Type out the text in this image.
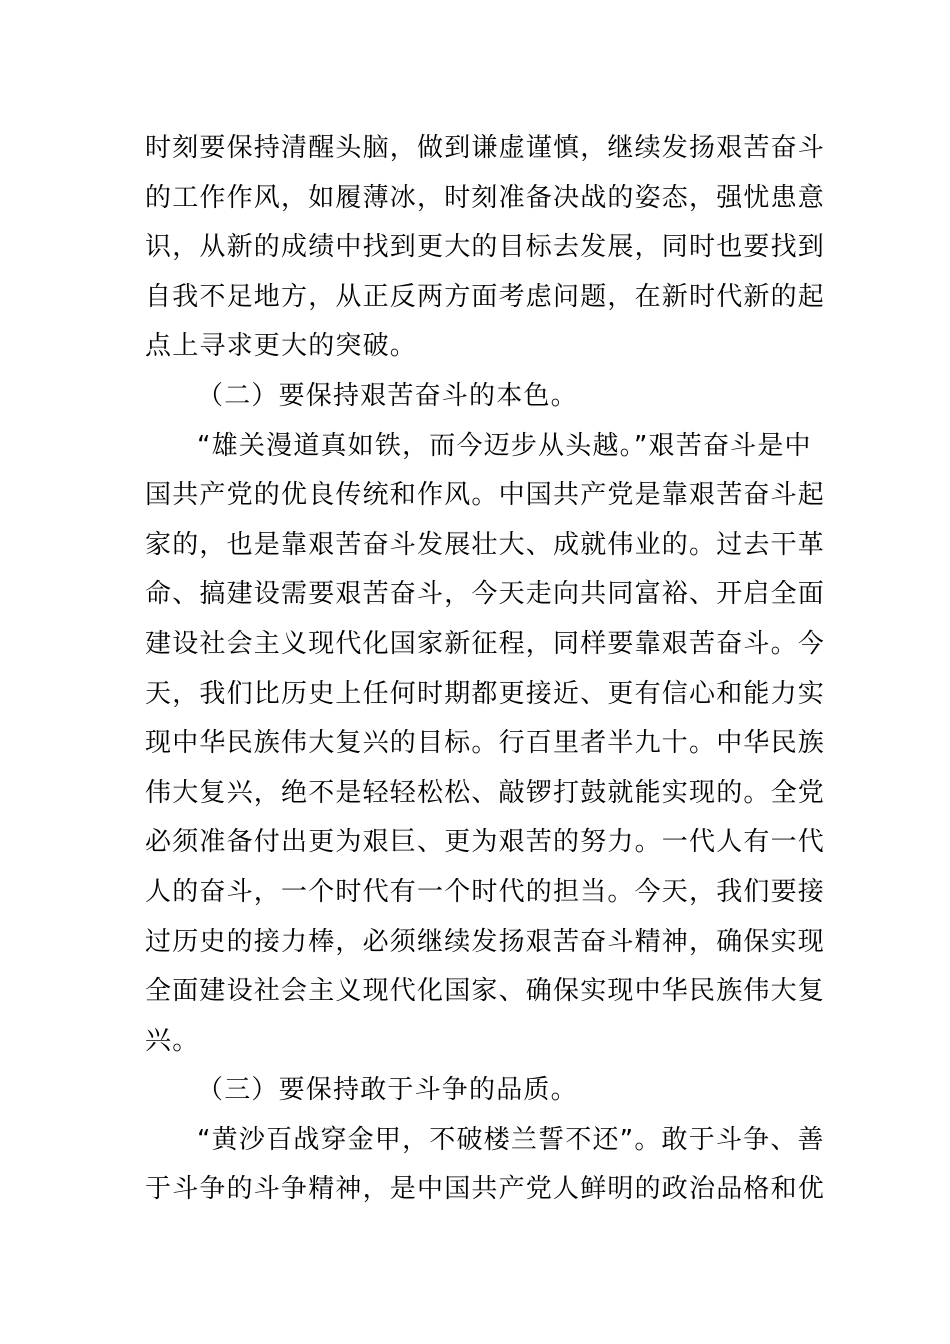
时刻要保持清醒头脑，做到谦虚谨慎，继续发扬艰苦奋斗
的工作作风，如履薄冰，时刻准备决战的姿态，强忧患意
识，从新的成绩中找到更大的目标去发展，同时也要找到
自我不足地方，从正反两方面考虑问题，在新时代新的起
点上寻求更大的突破。
（二）要保持艰苦奋斗的本色。
“雄关漫道真如铁，而今迈步从头越。”艰苦奋斗是中
国共产党的优良传统和作风。中国共产党是靠艰苦奋斗起
家的，也是靠艰苦奋斗发展壮大、成就伟业的。过去干革
命、搞建设需要艰苦奋斗，今天走向共同富裕、开启全面
建设社会主义现代化国家新征程，同样要靠艰苦奋斗。今
天，我们比历史上任何时期都更接近、更有信心和能力实
现中华民族伟大复兴的目标。行百里者半九十。中华民族
伟大复兴，绝不是轻轻松松、敲锣打鼓就能实现的。全党
必须准备付出更为艰巨、更为艰苦的努力。一代人有一代
人的奋斗，一个时代有一个时代的担当。今天，我们要接
过历史的接力棒，必须继续发扬艰苦奋斗精神，确保实现
全面建设社会主义现代化国家、确保实现中华民族伟大复
兴。
（三）要保持敢于斗争的品质。
“黄沙百战穿金甲，不破楼兰誓不还”。敢于斗争、善
于斗争的斗争精神，是中国共产党人鲜明的政治品格和优
